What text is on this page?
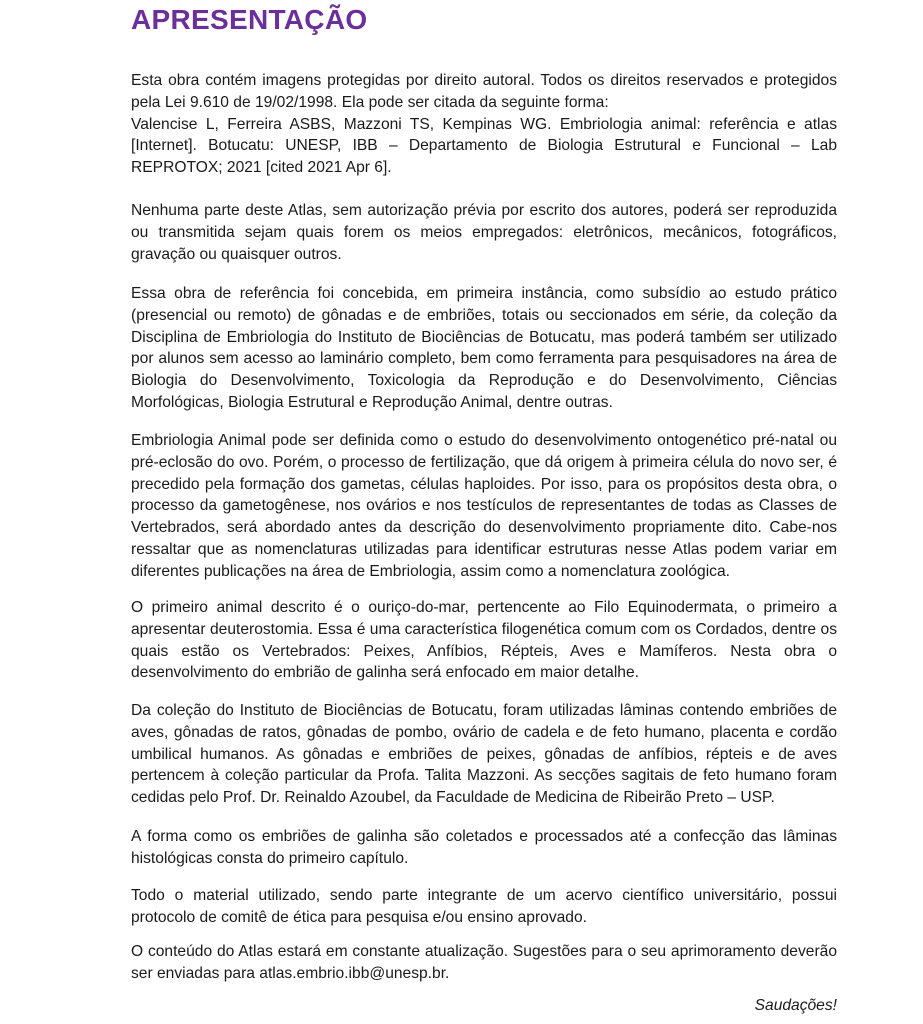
APRESENTAÇÃO

Esta obra contém imagens protegidas por direito autoral. Todos os direitos reservados e protegidos pela Lei 9.610 de 19/02/1998. Ela pode ser citada da seguinte forma:
Valencise L, Ferreira ASBS, Mazzoni TS, Kempinas WG. Embriologia animal: referência e atlas [Internet]. Botucatu: UNESP, IBB – Departamento de Biologia Estrutural e Funcional – Lab REPROTOX; 2021 [cited 2021 Apr 6].

Nenhuma parte deste Atlas, sem autorização prévia por escrito dos autores, poderá ser reproduzida ou transmitida sejam quais forem os meios empregados: eletrônicos, mecânicos, fotográficos, gravação ou quaisquer outros.

Essa obra de referência foi concebida, em primeira instância, como subsídio ao estudo prático (presencial ou remoto) de gônadas e de embriões, totais ou seccionados em série, da coleção da Disciplina de Embriologia do Instituto de Biociências de Botucatu, mas poderá também ser utilizado por alunos sem acesso ao laminário completo, bem como ferramenta para pesquisadores na área de Biologia do Desenvolvimento, Toxicologia da Reprodução e do Desenvolvimento, Ciências Morfológicas, Biologia Estrutural e Reprodução Animal, dentre outras.

Embriologia Animal pode ser definida como o estudo do desenvolvimento ontogenético pré-natal ou pré-eclosão do ovo. Porém, o processo de fertilização, que dá origem à primeira célula do novo ser, é precedido pela formação dos gametas, células haploides. Por isso, para os propósitos desta obra, o processo da gametogênese, nos ovários e nos testículos de representantes de todas as Classes de Vertebrados, será abordado antes da descrição do desenvolvimento propriamente dito. Cabe-nos ressaltar que as nomenclaturas utilizadas para identificar estruturas nesse Atlas podem variar em diferentes publicações na área de Embriologia, assim como a nomenclatura zoológica.

O primeiro animal descrito é o ouriço-do-mar, pertencente ao Filo Equinodermata, o primeiro a apresentar deuterostomia. Essa é uma característica filogenética comum com os Cordados, dentre os quais estão os Vertebrados: Peixes, Anfíbios, Répteis, Aves e Mamíferos. Nesta obra o desenvolvimento do embrião de galinha será enfocado em maior detalhe.

Da coleção do Instituto de Biociências de Botucatu, foram utilizadas lâminas contendo embriões de aves, gônadas de ratos, gônadas de pombo, ovário de cadela e de feto humano, placenta e cordão umbilical humanos. As gônadas e embriões de peixes, gônadas de anfíbios, répteis e de aves pertencem à coleção particular da Profa. Talita Mazzoni. As secções sagitais de feto humano foram cedidas pelo Prof. Dr. Reinaldo Azoubel, da Faculdade de Medicina de Ribeirão Preto – USP.

A forma como os embriões de galinha são coletados e processados até a confecção das lâminas histológicas consta do primeiro capítulo.

Todo o material utilizado, sendo parte integrante de um acervo científico universitário, possui protocolo de comitê de ética para pesquisa e/ou ensino aprovado.

O conteúdo do Atlas estará em constante atualização. Sugestões para o seu aprimoramento deverão ser enviadas para atlas.embrio.ibb@unesp.br.

Saudações!
